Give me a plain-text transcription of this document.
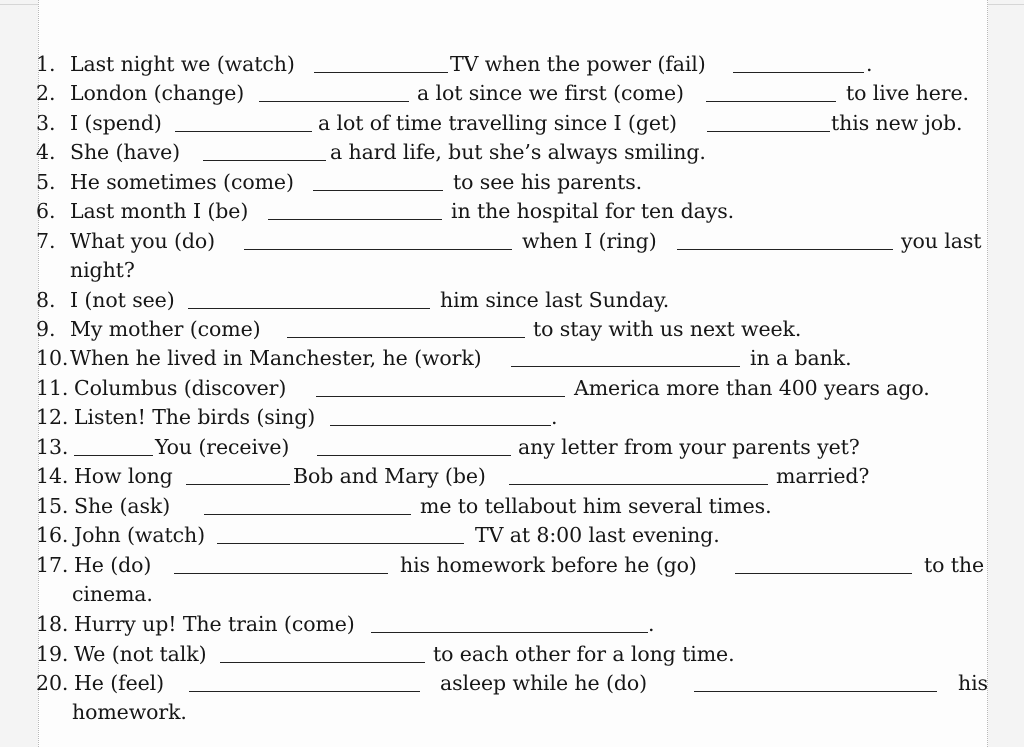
1. Last night we (watch)	TV when the power (fail)	.
2. London (change)	a lot since we first (come)	to live here.
3. I (spend)	a lot of time travelling since I (get)	this new job.
4. She (have)	a hard life, but she’s always smiling.
5. He sometimes (come)	to see his parents.
6. Last month I (be)	in the hospital for ten days.
7. What you (do)	when I (ring)	you last
night?
8. I (not see)	him since last Sunday.
9. My mother (come)	to stay with us next week.
10. When he lived in Manchester, he (work)	in a bank.
11. Columbus (discover)	America more than 400 years ago.
12. Listen! The birds (sing)	.
13.	You (receive)	any letter from your parents yet?
14. How long	Bob and Mary (be)	married?
15. She (ask)	me to tellabout him several times.
16. John (watch)	TV at 8:00 last evening.
17. He (do)	his homework before he (go)	to the
cinema.
18. Hurry up! The train (come)	.
19. We (not talk)	to each other for a long time.
20. He (feel)	asleep while he (do)	his
homework.
